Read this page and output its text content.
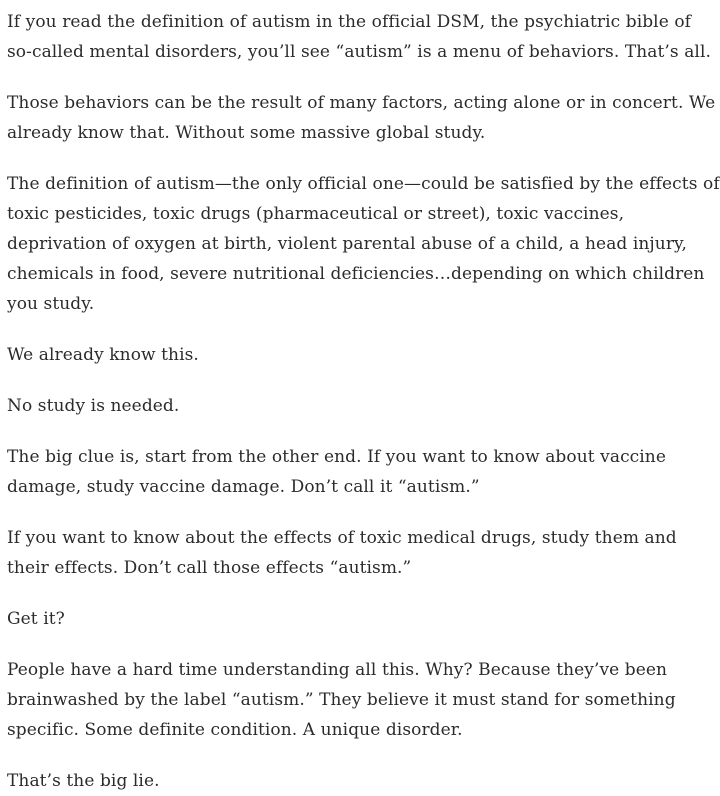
If you read the definition of autism in the official DSM, the psychiatric bible of so-called mental disorders, you’ll see “autism” is a menu of behaviors. That’s all.

Those behaviors can be the result of many factors, acting alone or in concert. We already know that. Without some massive global study.

The definition of autism—the only official one—could be satisfied by the effects of toxic pesticides, toxic drugs (pharmaceutical or street), toxic vaccines, deprivation of oxygen at birth, violent parental abuse of a child, a head injury, chemicals in food, severe nutritional deficiencies…depending on which children you study.

We already know this.

No study is needed.

The big clue is, start from the other end. If you want to know about vaccine damage, study vaccine damage. Don’t call it “autism.”

If you want to know about the effects of toxic medical drugs, study them and their effects. Don’t call those effects “autism.”

Get it?

People have a hard time understanding all this. Why? Because they’ve been brainwashed by the label “autism.” They believe it must stand for something specific. Some definite condition. A unique disorder.

That’s the big lie.
